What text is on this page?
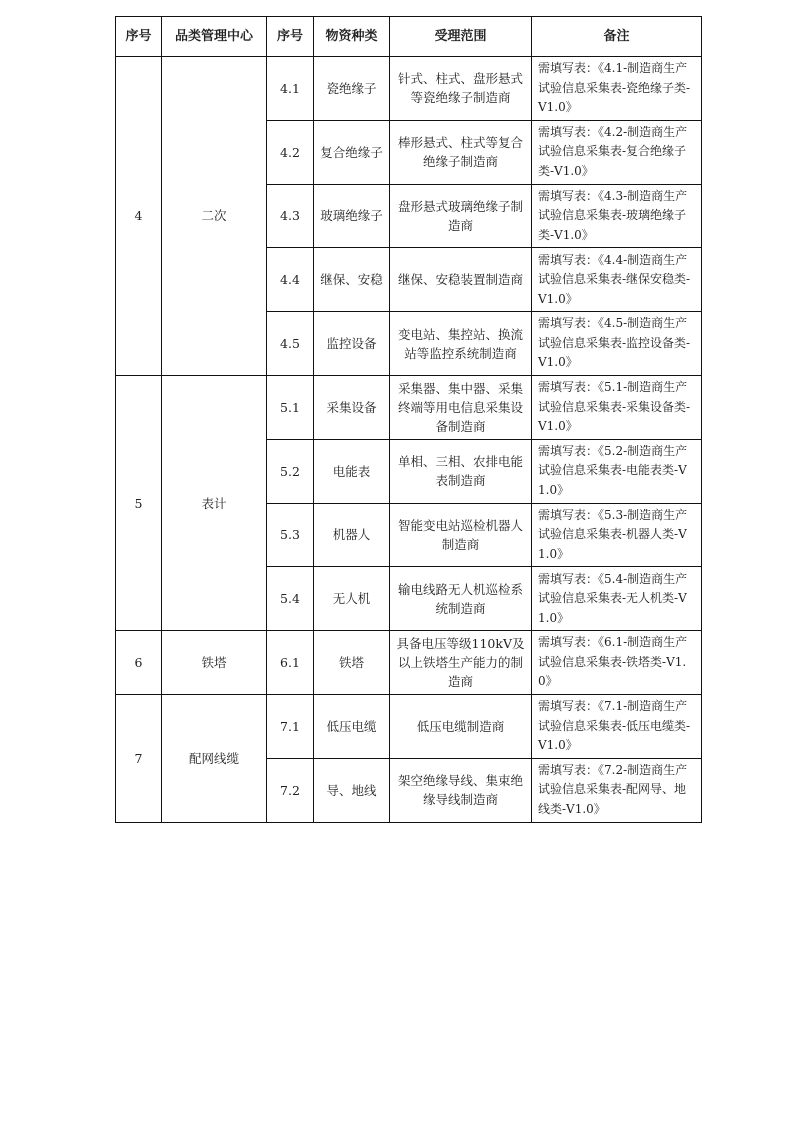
序号	品类管理中心	序号	物资种类	受理范围	备注
4	二次	4.1	瓷绝缘子	针式、柱式、盘形悬式等瓷绝缘子制造商	需填写表：《4.1-制造商生产试验信息采集表-瓷绝缘子类-V1.0》
		4.2	复合绝缘子	棒形悬式、柱式等复合绝缘子制造商	需填写表：《4.2-制造商生产试验信息采集表-复合绝缘子类-V1.0》
		4.3	玻璃绝缘子	盘形悬式玻璃绝缘子制造商	需填写表：《4.3-制造商生产试验信息采集表-玻璃绝缘子类-V1.0》
		4.4	继保、安稳	继保、安稳装置制造商	需填写表：《4.4-制造商生产试验信息采集表-继保安稳类-V1.0》
		4.5	监控设备	变电站、集控站、换流站等监控系统制造商	需填写表：《4.5-制造商生产试验信息采集表-监控设备类-V1.0》
5	表计	5.1	采集设备	采集器、集中器、采集终端等用电信息采集设备制造商	需填写表：《5.1-制造商生产试验信息采集表-采集设备类-V1.0》
		5.2	电能表	单相、三相、农排电能表制造商	需填写表：《5.2-制造商生产试验信息采集表-电能表类-V1.0》
		5.3	机器人	智能变电站巡检机器人制造商	需填写表：《5.3-制造商生产试验信息采集表-机器人类-V1.0》
		5.4	无人机	输电线路无人机巡检系统制造商	需填写表：《5.4-制造商生产试验信息采集表-无人机类-V1.0》
6	铁塔	6.1	铁塔	具备电压等级110kV及以上铁塔生产能力的制造商	需填写表：《6.1-制造商生产试验信息采集表-铁塔类-V1.0》
7	配网线缆	7.1	低压电缆	低压电缆制造商	需填写表：《7.1-制造商生产试验信息采集表-低压电缆类-V1.0》
		7.2	导、地线	架空绝缘导线、集束绝缘导线制造商	需填写表：《7.2-制造商生产试验信息采集表-配网导、地线类-V1.0》
